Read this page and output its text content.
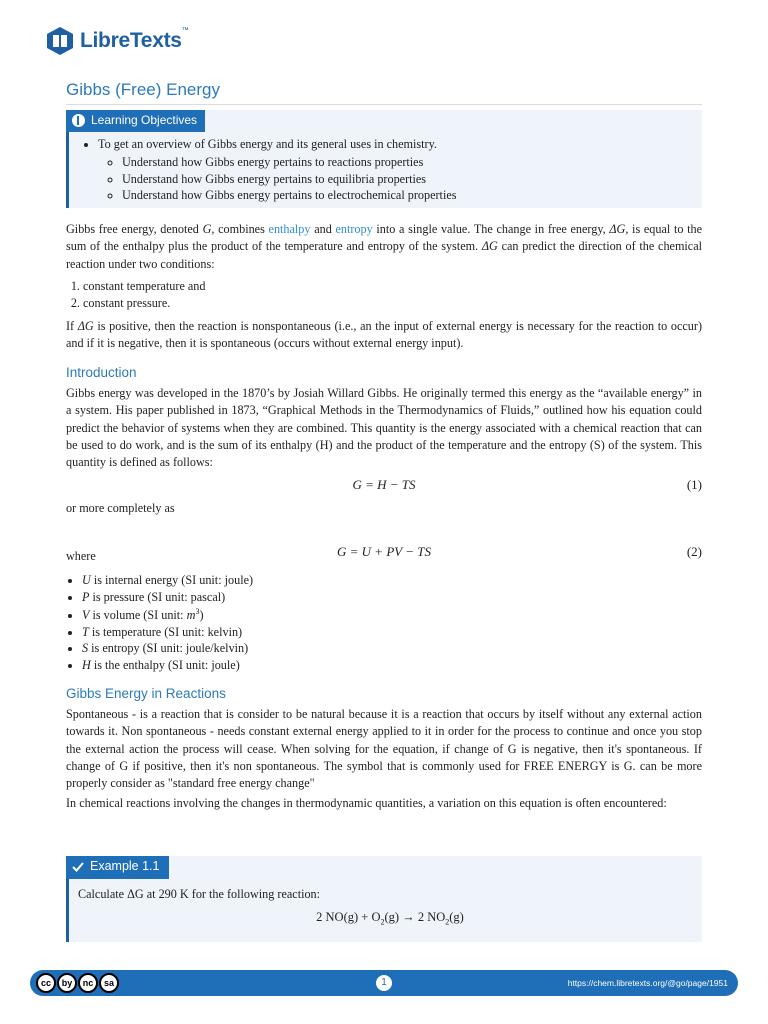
LibreTexts™
Gibbs (Free) Energy
Learning Objectives
• To get an overview of Gibbs energy and its general uses in chemistry.
◦ Understand how Gibbs energy pertains to reactions properties
◦ Understand how Gibbs energy pertains to equilibria properties
◦ Understand how Gibbs energy pertains to electrochemical properties

Gibbs free energy, denoted G, combines enthalpy and entropy into a single value. The change in free energy, ΔG, is equal to the sum of the enthalpy plus the product of the temperature and entropy of the system. ΔG can predict the direction of the chemical reaction under two conditions:

1. constant temperature and
2. constant pressure.

If ΔG is positive, then the reaction is nonspontaneous (i.e., an the input of external energy is necessary for the reaction to occur) and if it is negative, then it is spontaneous (occurs without external energy input).

Introduction

Gibbs energy was developed in the 1870’s by Josiah Willard Gibbs. He originally termed this energy as the “available energy” in a system. His paper published in 1873, “Graphical Methods in the Thermodynamics of Fluids,” outlined how his equation could predict the behavior of systems when they are combined. This quantity is the energy associated with a chemical reaction that can be used to do work, and is the sum of its enthalpy (H) and the product of the temperature and the entropy (S) of the system. This quantity is defined as follows:

G = H − TS	(1)

or more completely as

G = U + PV − TS	(2)

where

• U is internal energy (SI unit: joule)
• P is pressure (SI unit: pascal)
• V is volume (SI unit: $m^3$)
• T is temperature (SI unit: kelvin)
• S is entropy (SI unit: joule/kelvin)
• H is the enthalpy (SI unit: joule)
Gibbs Energy in Reactions

Spontaneous - is a reaction that is consider to be natural because it is a reaction that occurs by itself without any external action towards it. Non spontaneous - needs constant external energy applied to it in order for the process to continue and once you stop the external action the process will cease. When solving for the equation, if change of G is negative, then it's spontaneous. If change of G if positive, then it's non spontaneous. The symbol that is commonly used for FREE ENERGY is G. can be more properly consider as "standard free energy change"

In chemical reactions involving the changes in thermodynamic quantities, a variation on this equation is often encountered:

Example 1.1

Calculate ΔG at 290 K for the following reaction:

2 $NO(g) + O_2(g) \to 2$ $NO_2(g)$

cc	by	nc	sa	1	https://chem.libretexts.org/@go/page/1951
